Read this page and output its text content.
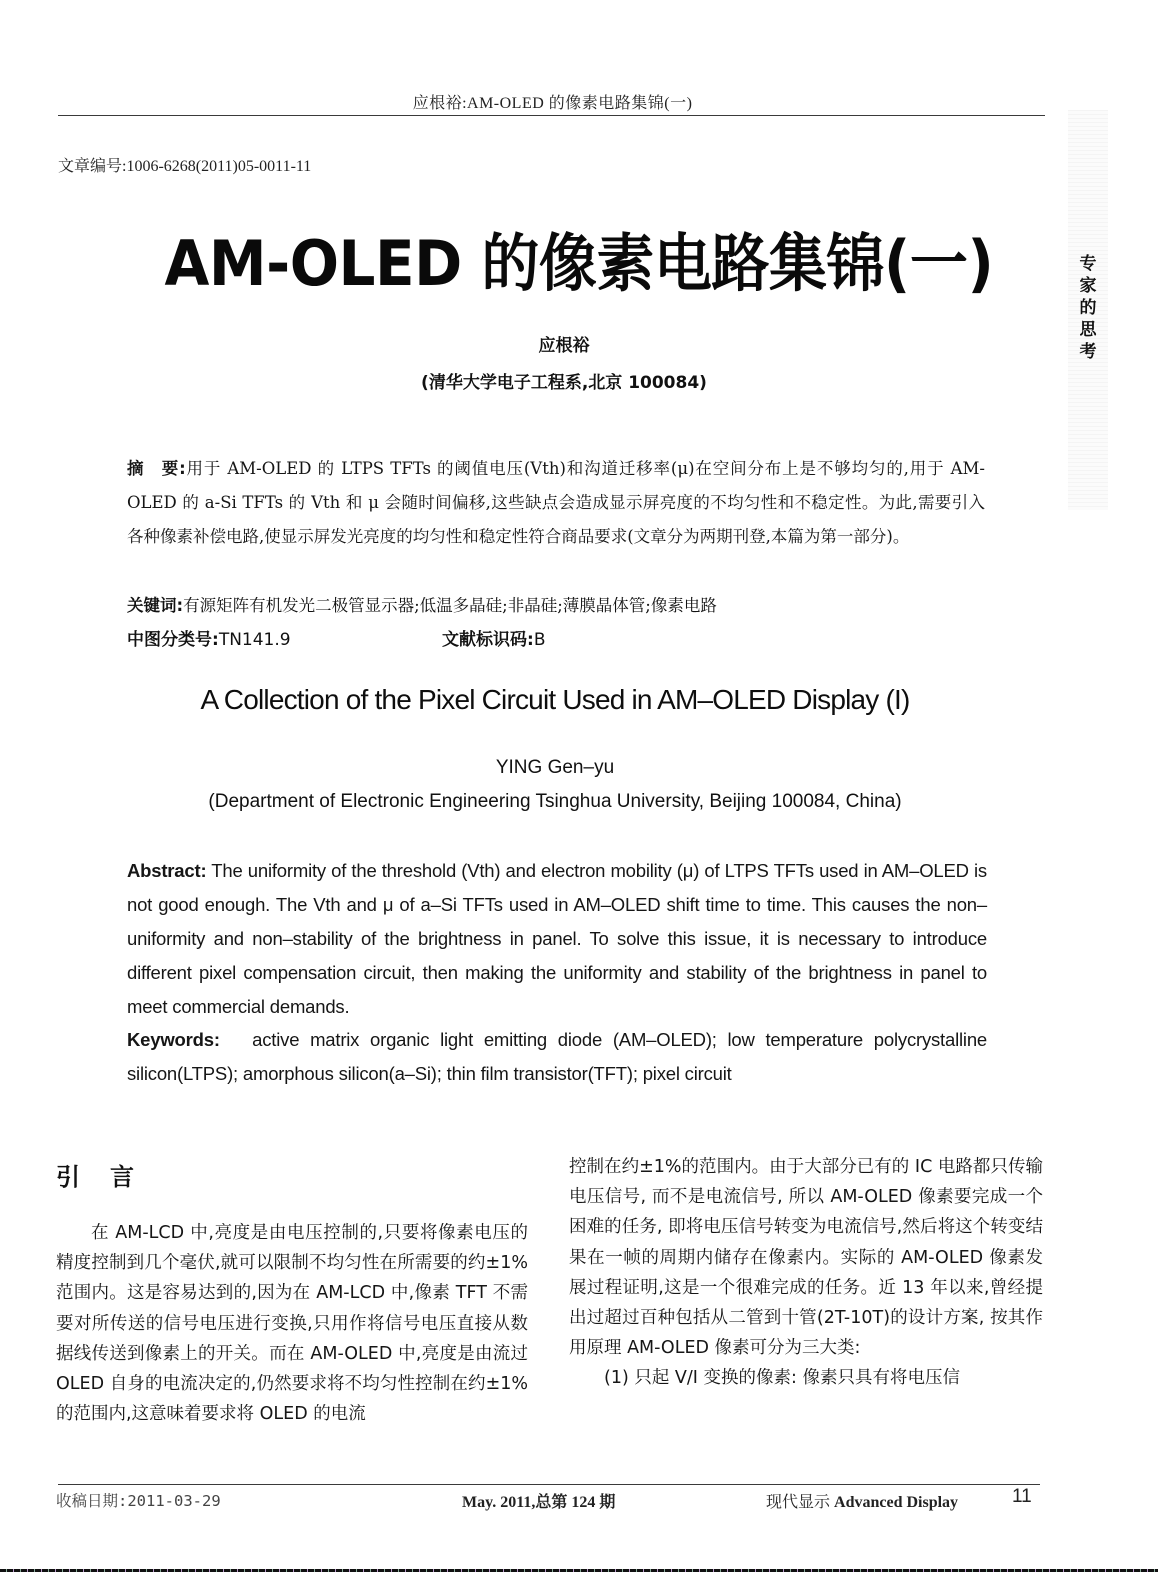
应根裕:AM-OLED 的像素电路集锦(一)
文章编号:1006-6268(2011)05-0011-11
专家的思考
AM-OLED 的像素电路集锦(一)
应根裕
(清华大学电子工程系,北京 100084)
摘　要:用于 AM-OLED 的 LTPS TFTs 的阈值电压(Vth)和沟道迁移率(μ)在空间分布上是不够均匀的,用于 AM-OLED 的 a-Si TFTs 的 Vth 和 μ 会随时间偏移,这些缺点会造成显示屏亮度的不均匀性和不稳定性。为此,需要引入各种像素补偿电路,使显示屏发光亮度的均匀性和稳定性符合商品要求(文章分为两期刊登,本篇为第一部分)。
关键词:有源矩阵有机发光二极管显示器;低温多晶硅;非晶硅;薄膜晶体管;像素电路
中图分类号:TN141.9	文献标识码:B
A Collection of the Pixel Circuit Used in AM–OLED Display (I)
YING Gen–yu
(Department of Electronic Engineering Tsinghua University, Beijing 100084, China)

Abstract: The uniformity of the threshold (Vth) and electron mobility (μ) of LTPS TFTs used in AM–OLED is not good enough. The Vth and μ of a–Si TFTs used in AM–OLED shift time to time. This causes the non–uniformity and non–stability of the brightness in panel. To solve this issue, it is necessary to introduce different pixel compensation circuit, then making the uniformity and stability of the brightness in panel to meet commercial demands.

Keywords: active matrix organic light emitting diode (AM–OLED); low temperature polycrystalline silicon(LTPS); amorphous silicon(a–Si); thin film transistor(TFT); pixel circuit

引言

在 AM-LCD 中,亮度是由电压控制的,只要将像素电压的精度控制到几个毫伏,就可以限制不均匀性在所需要的约±1%范围内。这是容易达到的,因为在 AM-LCD 中,像素 TFT 不需要对所传送的信号电压进行变换,只用作将信号电压直接从数据线传送到像素上的开关。而在 AM-OLED 中,亮度是由流过 OLED 自身的电流决定的,仍然要求将不均匀性控制在约±1%的范围内,这意味着要求将 OLED 的电流

控制在约±1%的范围内。由于大部分已有的 IC 电路都只传输电压信号, 而不是电流信号, 所以 AM-OLED 像素要完成一个困难的任务, 即将电压信号转变为电流信号,然后将这个转变结果在一帧的周期内储存在像素内。实际的 AM-OLED 像素发展过程证明,这是一个很难完成的任务。近 13 年以来,曾经提出过超过百种包括从二管到十管(2T-10T)的设计方案, 按其作用原理 AM-OLED 像素可分为三大类:

(1) 只起 V/I 变换的像素: 像素只具有将电压信

收稿日期:2011-03-29	May. 2011,总第 124 期	现代显示 Advanced Display	11
